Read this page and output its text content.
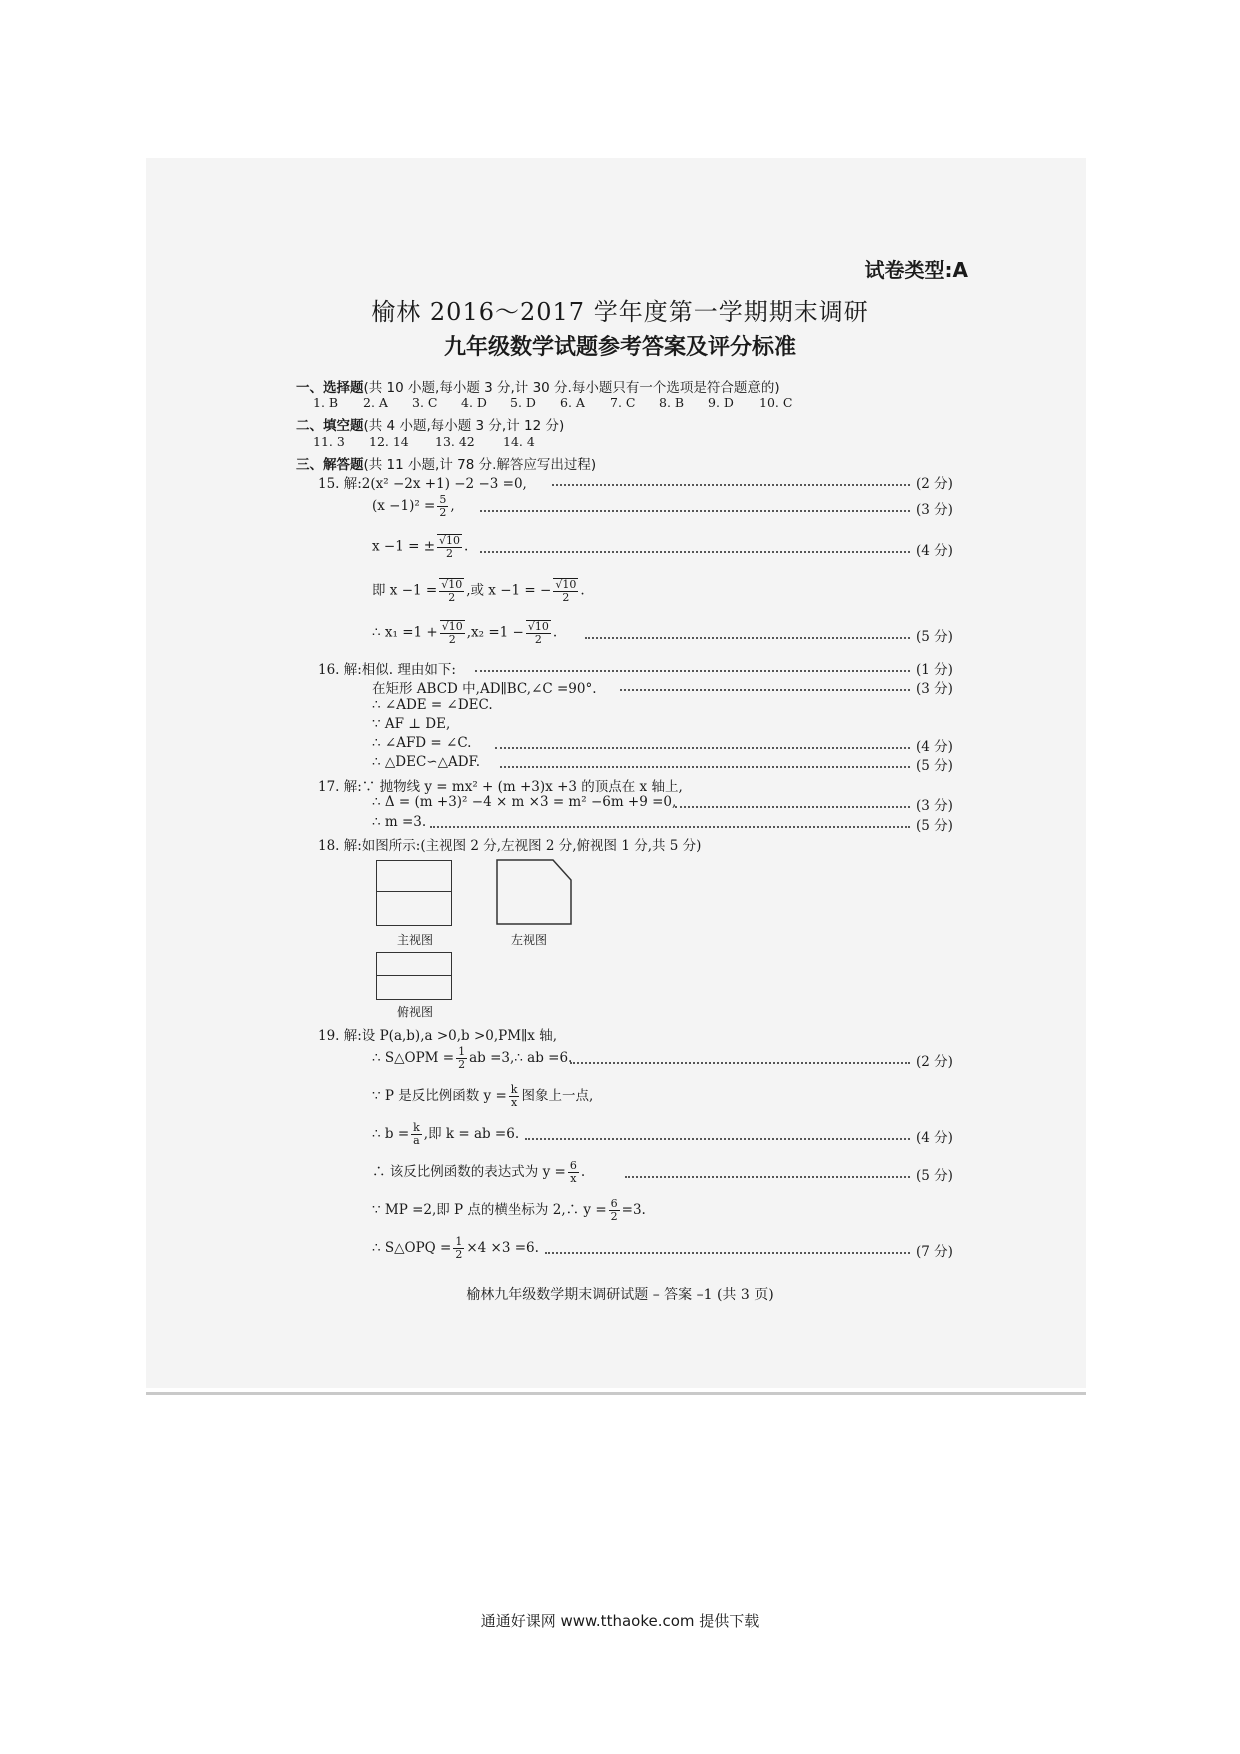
试卷类型:A
榆林 2016～2017 学年度第一学期期末调研
九年级数学试题参考答案及评分标准
一、选择题(共 10 小题,每小题 3 分,计 30 分.每小题只有一个选项是符合题意的)
1. B 2. A 3. C 4. D 5. D 6. A 7. C 8. B 9. D 10. C
二、填空题(共 4 小题,每小题 3 分,计 12 分)
11. 3 12. 14 13. 42 14. 4
三、解答题(共 11 小题,计 78 分.解答应写出过程)
15. 解:2(x² −2x +1) −2 −3 =0,	(2 分)
$(x -1)^2 = \frac{5}{2}$ ,	(3 分)
x −1 = ± $\frac{√10}{2}$ .	(4 分)
即 $x -1 = \frac{√10}{2}$ ,或 x −1 = − $\frac{√10}{2}$ .
∴ $x_1 =1 + \frac{√10}{2} ,x_2 =1 - \frac{√10}{2}$ .	(5 分)
16. 解:相似. 理由如下:	(1 分)
在矩形 ABCD 中,AD∥BC,∠C =90°.	(3 分)
∴ ∠ADE = ∠DEC.
∵ AF ⊥ DE,
∴ ∠AFD = ∠C.	(4 分)
∴ △DEC∽△ADF.	(5 分)
17. 解:∵ 抛物线 y = mx² + (m +3)x +3 的顶点在 x 轴上,
∴ Δ = (m +3)² −4 × m ×3 = m² −6m +9 =0,	(3 分)
∴ m =3.	(5 分)
18. 解:如图所示:(主视图 2 分,左视图 2 分,俯视图 1 分,共 5 分)
主视图	左视图
俯视图
19. 解:设 P(a,b),a >0,b >0,PM∥x 轴,
∴ S△OPM = $\frac{1}{2}$ ab =3,∴ ab =6.	(2 分)
∵ P 是反比例函数 $y = \frac{k}{x}$ 图象上一点,
∴ $b = \frac{k}{a}$ ,即 k = ab =6.	(4 分)
∴ 该反比例函数的表达式为 $y = \frac{6}{x}$ .	(5 分)
∵ MP =2,即 P 点的横坐标为 2,∴ $y = \frac{6}{2} =3$.
∴ S△OPQ = $\frac{1}{2} \times 4 \times 3 =6$.	(7 分)
榆林九年级数学期末调研试题 – 答案 –1 (共 3 页)
通通好课网 www.tthaoke.com 提供下载
